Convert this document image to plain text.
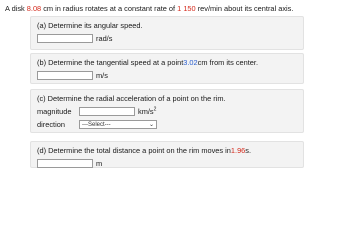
A disk 8.08 cm in radius rotates at a constant rate of 1 150 rev/min about its central axis.
(a) Determine its angular speed.
rad/s
(b) Determine the tangential speed at a point 3.02 cm from its center.
m/s
(c) Determine the radial acceleration of a point on the rim.
magnitude	$km/s^2$
direction	---Select---	⌄
(d) Determine the total distance a point on the rim moves in 1.96 s.
m
